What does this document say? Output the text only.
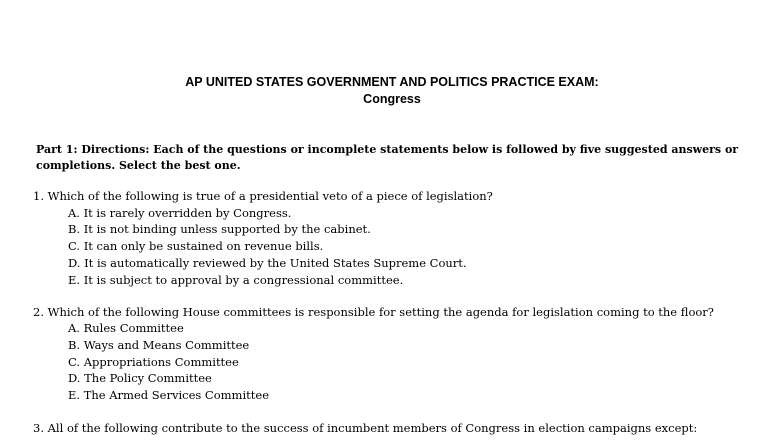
AP UNITED STATES GOVERNMENT AND POLITICS PRACTICE EXAM:
Congress
Part 1: Directions: Each of the questions or incomplete statements below is followed by five suggested answers or completions. Select the best one.
1. Which of the following is true of a presidential veto of a piece of legislation?
A. It is rarely overridden by Congress.
B. It is not binding unless supported by the cabinet.
C. It can only be sustained on revenue bills.
D. It is automatically reviewed by the United States Supreme Court.
E. It is subject to approval by a congressional committee.
2. Which of the following House committees is responsible for setting the agenda for legislation coming to the floor?
A. Rules Committee
B. Ways and Means Committee
C. Appropriations Committee
D. The Policy Committee
E. The Armed Services Committee
3. All of the following contribute to the success of incumbent members of Congress in election campaigns except:
